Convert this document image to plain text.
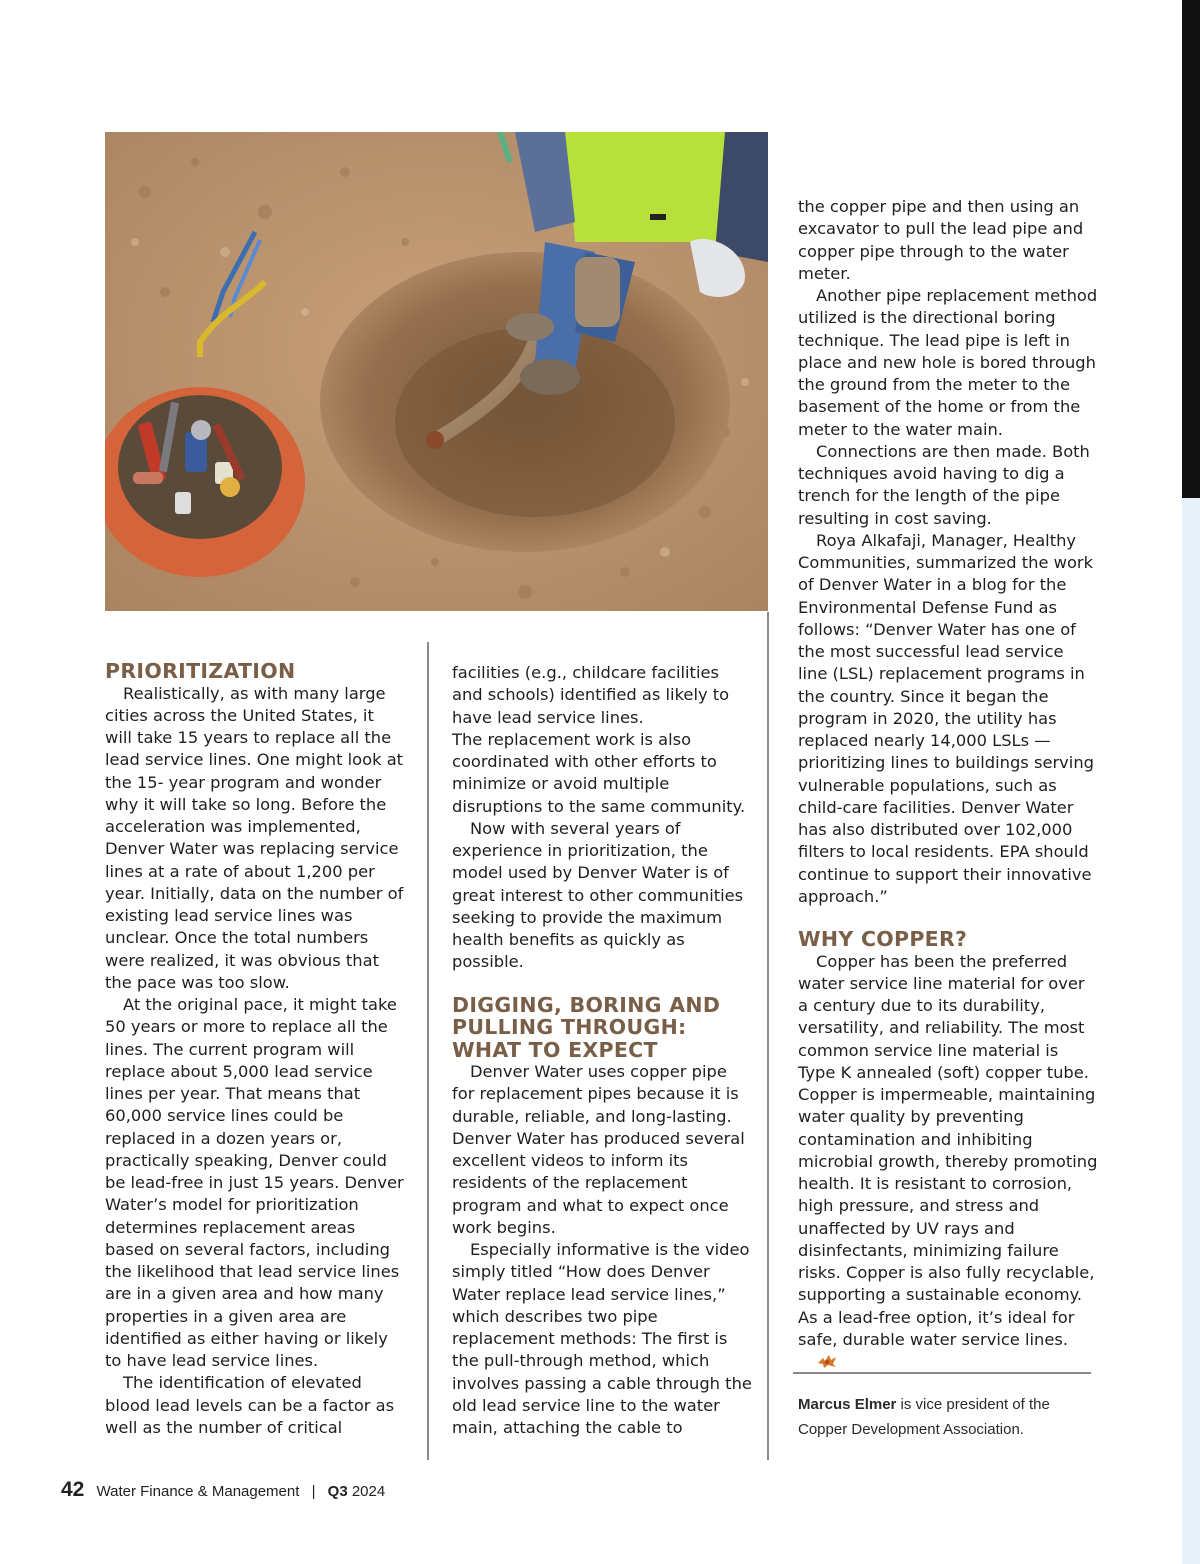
PRIORITIZATION

Realistically, as with many large cities across the United States, it will take 15 years to replace all the lead service lines. One might look at the 15- year program and wonder why it will take so long. Before the acceleration was implemented, Denver Water was replacing service lines at a rate of about 1,200 per year. Initially, data on the number of existing lead service lines was unclear. Once the total numbers were realized, it was obvious that the pace was too slow.

At the original pace, it might take 50 years or more to replace all the lines. The current program will replace about 5,000 lead service lines per year. That means that 60,000 service lines could be replaced in a dozen years or, practically speaking, Denver could be lead-free in just 15 years. Denver Water’s model for prioritization determines replacement areas based on several factors, including the likelihood that lead service lines are in a given area and how many properties in a given area are identified as either having or likely to have lead service lines.

The identification of elevated blood lead levels can be a factor as well as the number of critical

facilities (e.g., childcare facilities and schools) identified as likely to have lead service lines.

The replacement work is also coordinated with other efforts to minimize or avoid multiple disruptions to the same community.

Now with several years of experience in prioritization, the model used by Denver Water is of great interest to other communities seeking to provide the maximum health benefits as quickly as possible.

DIGGING, BORING AND PULLING THROUGH: WHAT TO EXPECT

Denver Water uses copper pipe for replacement pipes because it is durable, reliable, and long-lasting. Denver Water has produced several excellent videos to inform its residents of the replacement program and what to expect once work begins.

Especially informative is the video simply titled “How does Denver Water replace lead service lines,” which describes two pipe replacement methods: The first is the pull-through method, which involves passing a cable through the old lead service line to the water main, attaching the cable to

the copper pipe and then using an excavator to pull the lead pipe and copper pipe through to the water meter.

Another pipe replacement method utilized is the directional boring technique. The lead pipe is left in place and new hole is bored through the ground from the meter to the basement of the home or from the meter to the water main.

Connections are then made. Both techniques avoid having to dig a trench for the length of the pipe resulting in cost saving.

Roya Alkafaji, Manager, Healthy Communities, summarized the work of Denver Water in a blog for the Environmental Defense Fund as follows: “Denver Water has one of the most successful lead service line (LSL) replacement programs in the country. Since it began the program in 2020, the utility has replaced nearly 14,000 LSLs — prioritizing lines to buildings serving vulnerable populations, such as child-care facilities. Denver Water has also distributed over 102,000 filters to local residents. EPA should continue to support their innovative approach.”

WHY COPPER?

Copper has been the preferred water service line material for over a century due to its durability, versatility, and reliability. The most common service line material is Type K annealed (soft) copper tube. Copper is impermeable, maintaining water quality by preventing contamination and inhibiting microbial growth, thereby promoting health. It is resistant to corrosion, high pressure, and stress and unaffected by UV rays and disinfectants, minimizing failure risks. Copper is also fully recyclable, supporting a sustainable economy. As a lead-free option, it’s ideal for safe, durable water service lines.

Marcus Elmer is vice president of the Copper Development Association.
42 Water Finance & Management | Q3 2024
